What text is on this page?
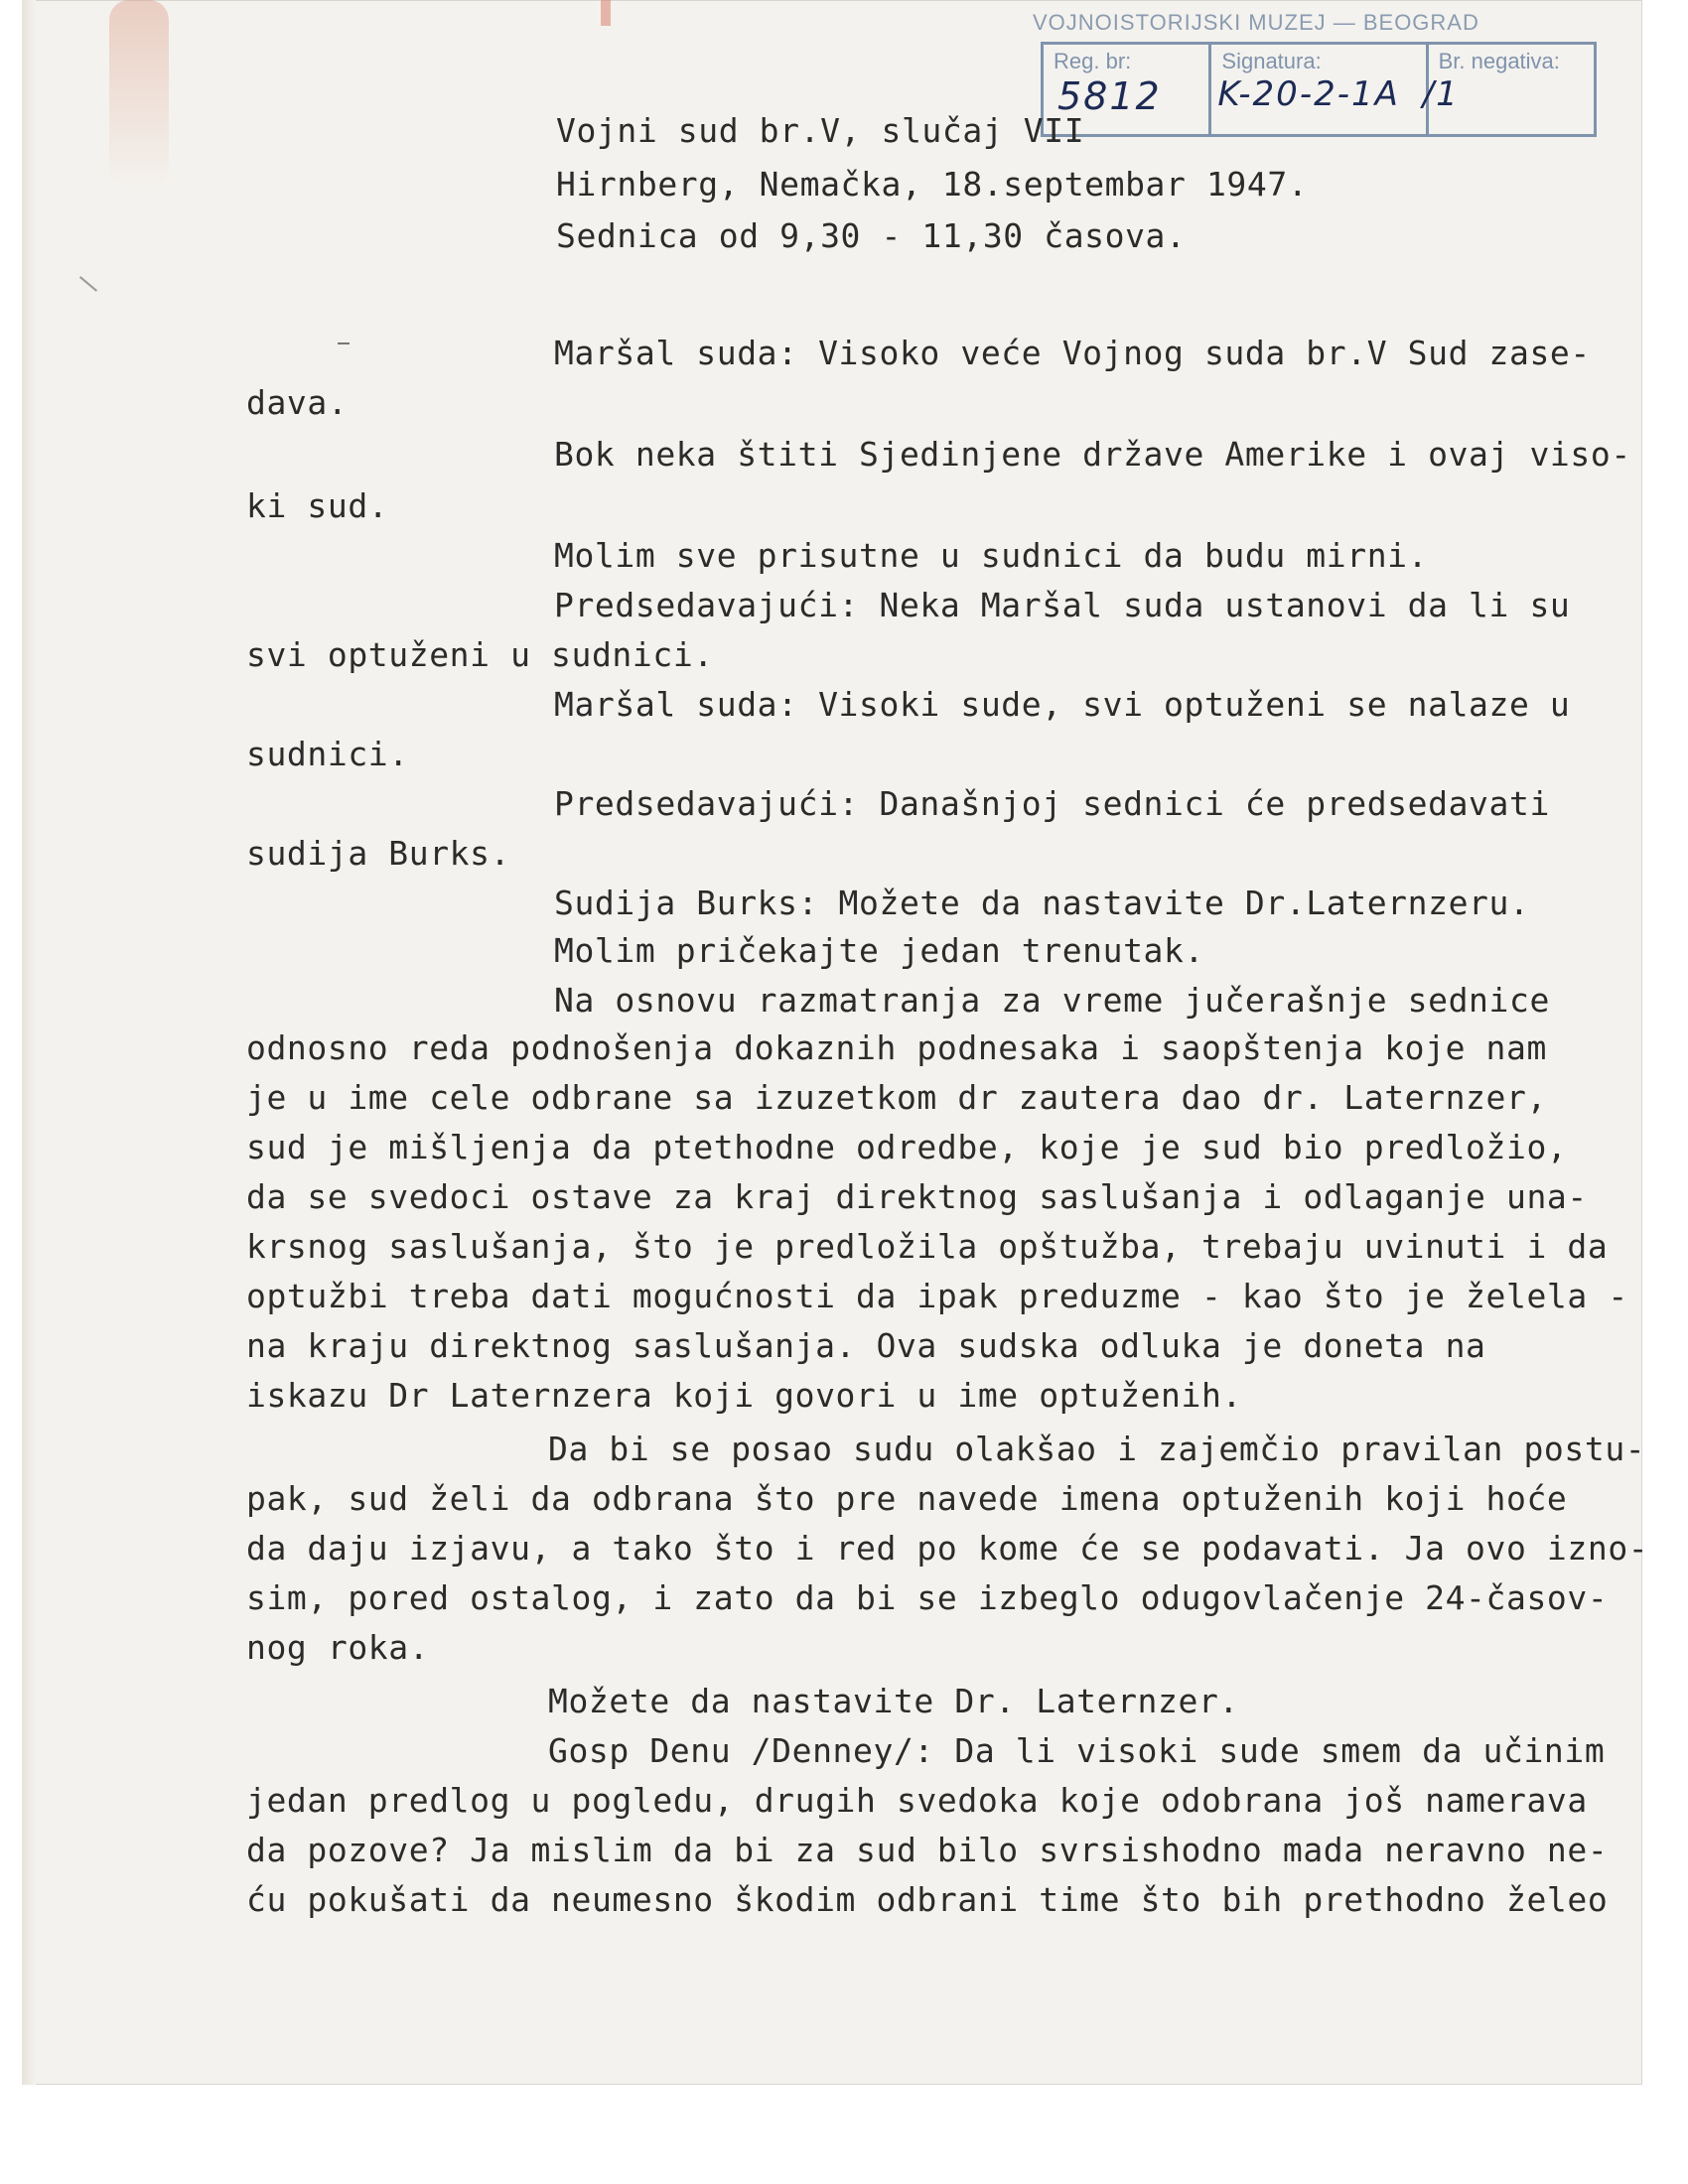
VOJNOISTORIJSKI MUZEJ — BEOGRAD
Reg. br:
5812
Signatura:
K-20-2-1A
Br. negativa:
/1
Vojni sud br.V, slučaj VII
Hirnberg, Nemačka, 18.septembar 1947.
Sednica od 9,30 - 11,30 časova.
Maršal suda: Visoko veće Vojnog suda br.V Sud zase-
dava.
Bok neka štiti Sjedinjene države Amerike i ovaj viso-
ki sud.
Molim sve prisutne u sudnici da budu mirni.
Predsedavajući: Neka Maršal suda ustanovi da li su
svi optuženi u sudnici.
Maršal suda: Visoki sude, svi optuženi se nalaze u
sudnici.
Predsedavajući: Današnjoj sednici će predsedavati
sudija Burks.
Sudija Burks: Možete da nastavite Dr.Laternzeru.
Molim pričekajte jedan trenutak.
Na osnovu razmatranja za vreme jučerašnje sednice
odnosno reda podnošenja dokaznih podnesaka i saopštenja koje nam
je u ime cele odbrane sa izuzetkom dr zautera dao dr. Laternzer,
sud je mišljenja da ptethodne odredbe, koje je sud bio predložio,
da se svedoci ostave za kraj direktnog saslušanja i odlaganje una-
krsnog saslušanja, što je predložila opštužba, trebaju uvinuti i da
optužbi treba dati mogućnosti da ipak preduzme - kao što je želela -
na kraju direktnog saslušanja. Ova sudska odluka je doneta na
iskazu Dr Laternzera koji govori u ime optuženih.
Da bi se posao sudu olakšao i zajemčio pravilan postu-
pak, sud želi da odbrana što pre navede imena optuženih koji hoće
da daju izjavu, a tako što i red po kome će se podavati. Ja ovo izno-
sim, pored ostalog, i zato da bi se izbeglo odugovlačenje 24-časov-
nog roka.
Možete da nastavite Dr. Laternzer.
Gosp Denu /Denney/: Da li visoki sude smem da učinim
jedan predlog u pogledu, drugih svedoka koje odobrana još namerava
da pozove? Ja mislim da bi za sud bilo svrsishodno mada neravno ne-
ću pokušati da neumesno škodim odbrani time što bih prethodno želeo
